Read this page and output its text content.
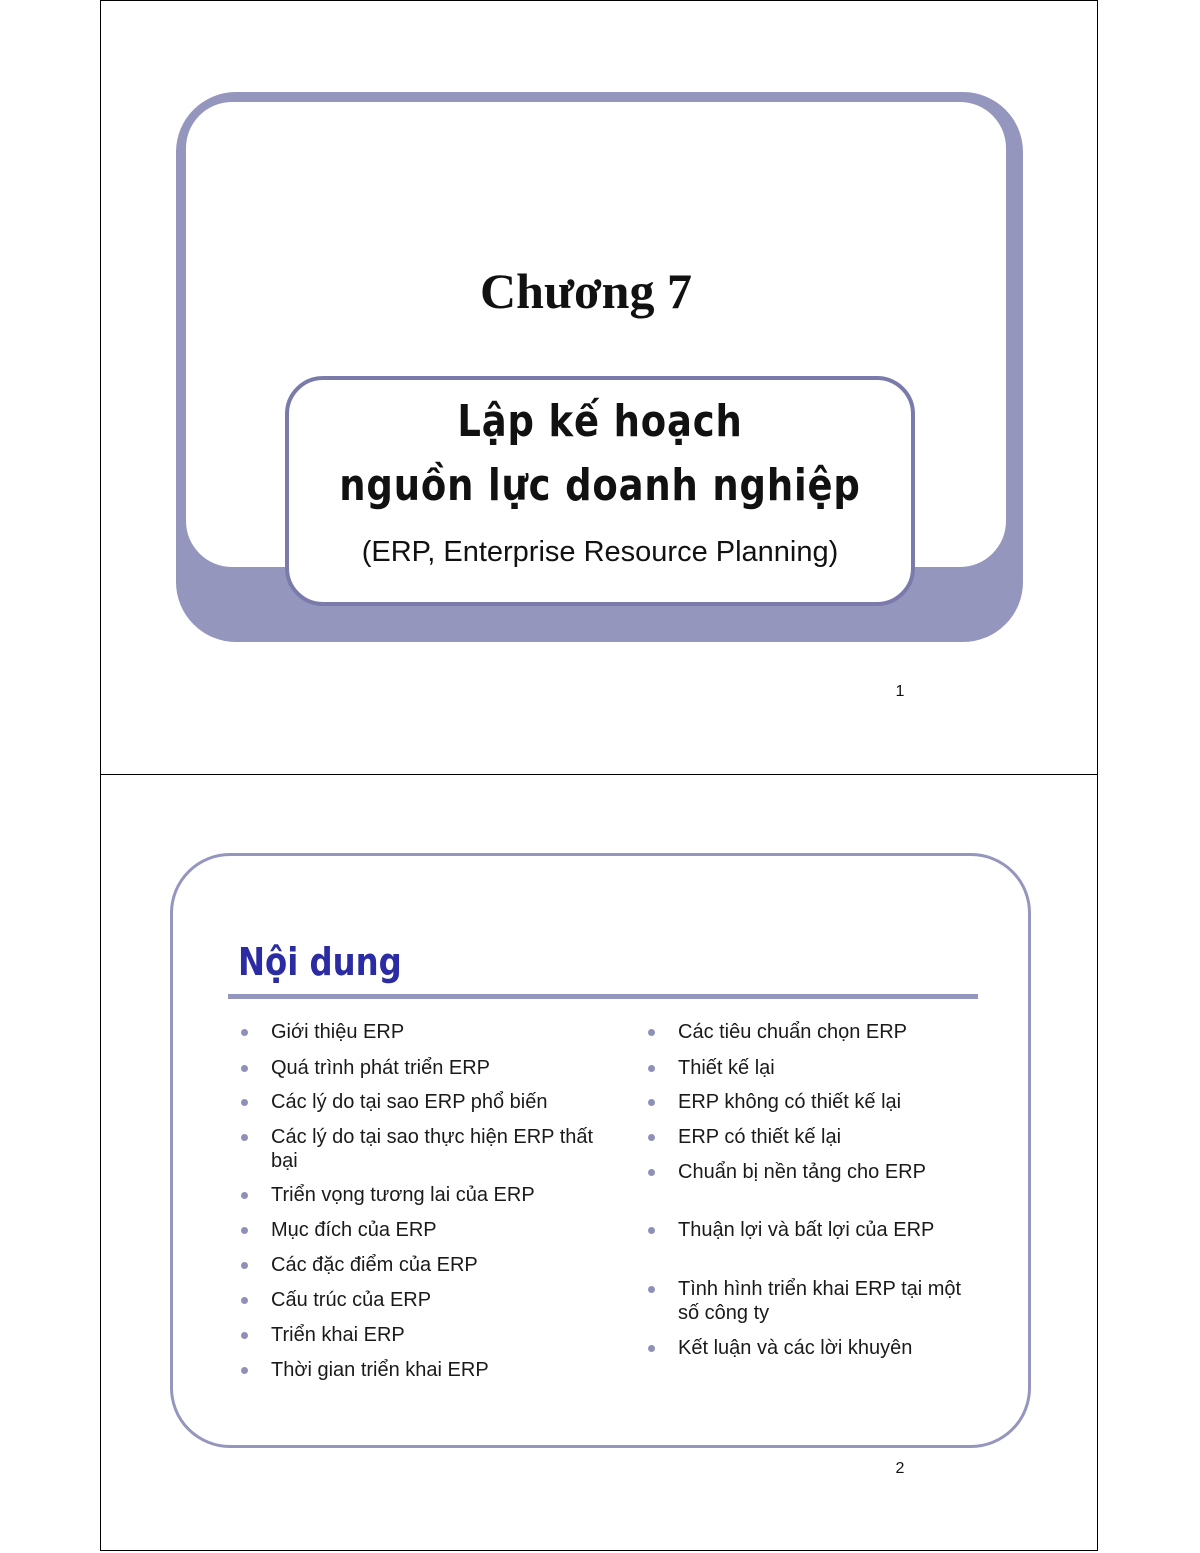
Chương 7
Lập kế hoạch
nguồn lực doanh nghiệp
(ERP, Enterprise Resource Planning)
1
Nội dung
Giới thiệu ERP
Quá trình phát triển ERP
Các lý do tại sao ERP phổ biến
Các lý do tại sao thực hiện ERP thất bại
Triển vọng tương lai của ERP
Mục đích của ERP
Các đặc điểm của ERP
Cấu trúc của ERP
Triển khai ERP
Thời gian triển khai ERP
Các tiêu chuẩn chọn ERP
Thiết kế lại
ERP không có thiết kế lại
ERP có thiết kế lại
Chuẩn bị nền tảng cho ERP
Thuận lợi và bất lợi của ERP
Tình hình triển khai ERP tại một số công ty
Kết luận và các lời khuyên
2
